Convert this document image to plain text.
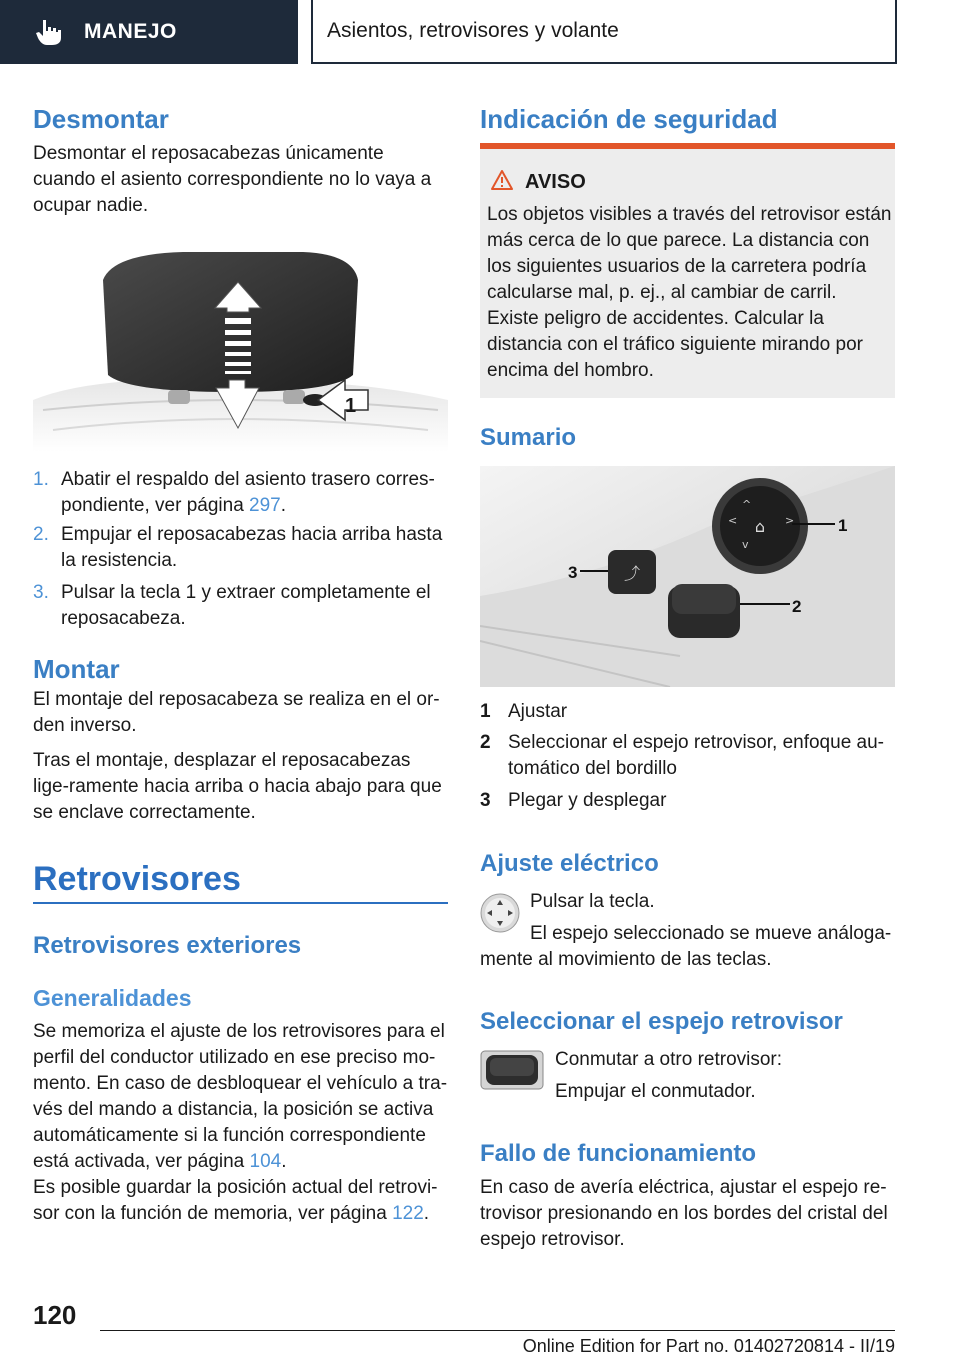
MANEJO	Asientos, retrovisores y volante
Desmontar
Desmontar el reposacabezas únicamente cuando el asiento correspondiente no lo vaya a ocupar nadie.
1
1. Abatir el respaldo del asiento trasero corres-pondiente, ver página 297.
2. Empujar el reposacabezas hacia arriba hasta la resistencia.
3. Pulsar la tecla 1 y extraer completamente el reposacabeza.
Montar
El montaje del reposacabeza se realiza en el or-den inverso.
Tras el montaje, desplazar el reposacabezas lige-ramente hacia arriba o hacia abajo para que se enclave correctamente.
Retrovisores
Retrovisores exteriores
Generalidades
Se memoriza el ajuste de los retrovisores para el perfil del conductor utilizado en ese preciso mo-mento. En caso de desbloquear el vehículo a tra-vés del mando a distancia, la posición se activa automáticamente si la función correspondiente está activada, ver página 104.
Es posible guardar la posición actual del retrovi-sor con la función de memoria, ver página 122.
Indicación de seguridad
AVISO
Los objetos visibles a través del retrovisor están más cerca de lo que parece. La distancia con los siguientes usuarios de la carretera podría calcularse mal, p. ej., al cambiar de carril. Existe peligro de accidentes. Calcular la distancia con el tráfico siguiente mirando por encima del hombro.
Sumario
⌂
<	>
^
v
⤴
1
2
3
1 Ajustar
2 Seleccionar el espejo retrovisor, enfoque au-tomático del bordillo
3 Plegar y desplegar
Ajuste eléctrico
Pulsar la tecla.
El espejo seleccionado se mueve análoga-mente al movimiento de las teclas.
Seleccionar el espejo retrovisor
Conmutar a otro retrovisor:
Empujar el conmutador.
Fallo de funcionamiento
En caso de avería eléctrica, ajustar el espejo re-trovisor presionando en los bordes del cristal del espejo retrovisor.
120
Online Edition for Part no. 01402720814 - II/19
